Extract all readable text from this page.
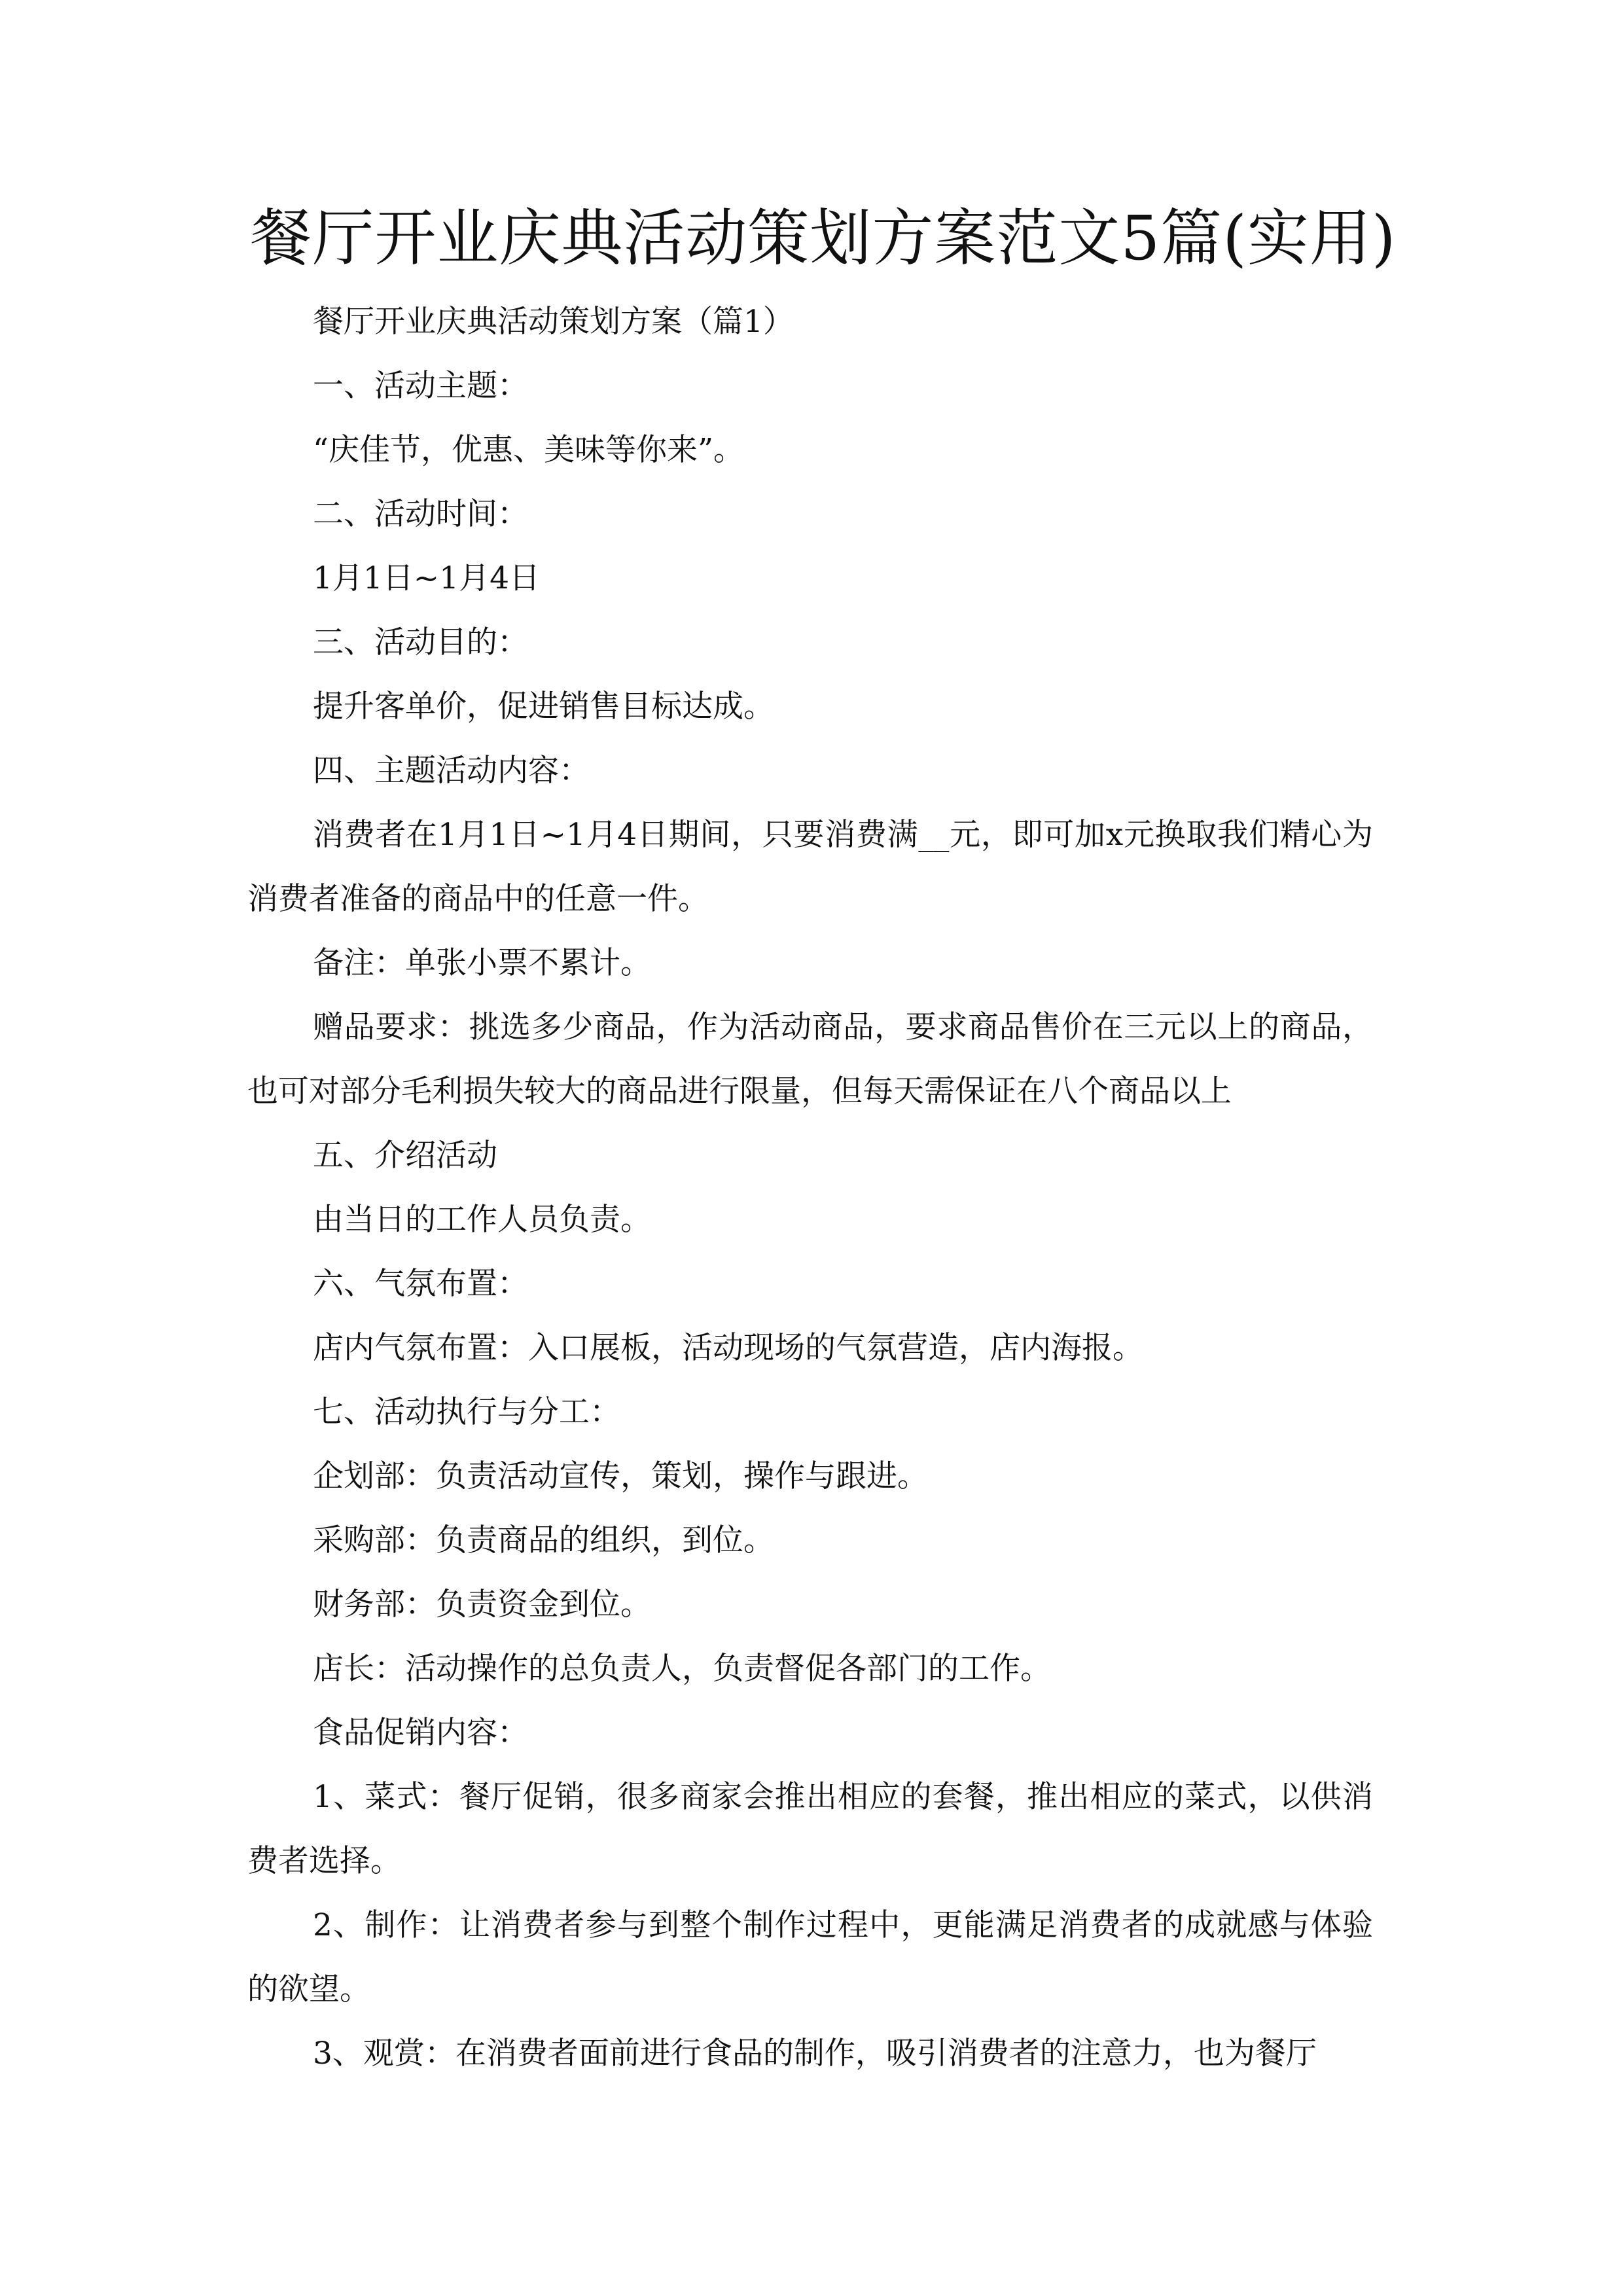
餐厅开业庆典活动策划方案范文5篇(实用)

餐厅开业庆典活动策划方案（篇1）

一、活动主题：

“庆佳节，优惠、美味等你来”。

二、活动时间：

1月1日~1月4日

三、活动目的：

提升客单价，促进销售目标达成。

四、主题活动内容：

消费者在1月1日~1月4日期间，只要消费满__元，即可加x元换取我们精心为消费者准备的商品中的任意一件。

备注：单张小票不累计。

赠品要求：挑选多少商品，作为活动商品，要求商品售价在三元以上的商品，也可对部分毛利损失较大的商品进行限量，但每天需保证在八个商品以上

五、介绍活动

由当日的工作人员负责。

六、气氛布置：

店内气氛布置：入口展板，活动现场的气氛营造，店内海报。

七、活动执行与分工：

企划部：负责活动宣传，策划，操作与跟进。

采购部：负责商品的组织，到位。

财务部：负责资金到位。

店长：活动操作的总负责人，负责督促各部门的工作。

食品促销内容：

1、菜式：餐厅促销，很多商家会推出相应的套餐，推出相应的菜式，以供消费者选择。

2、制作：让消费者参与到整个制作过程中，更能满足消费者的成就感与体验的欲望。

3、观赏：在消费者面前进行食品的制作，吸引消费者的注意力，也为餐厅
